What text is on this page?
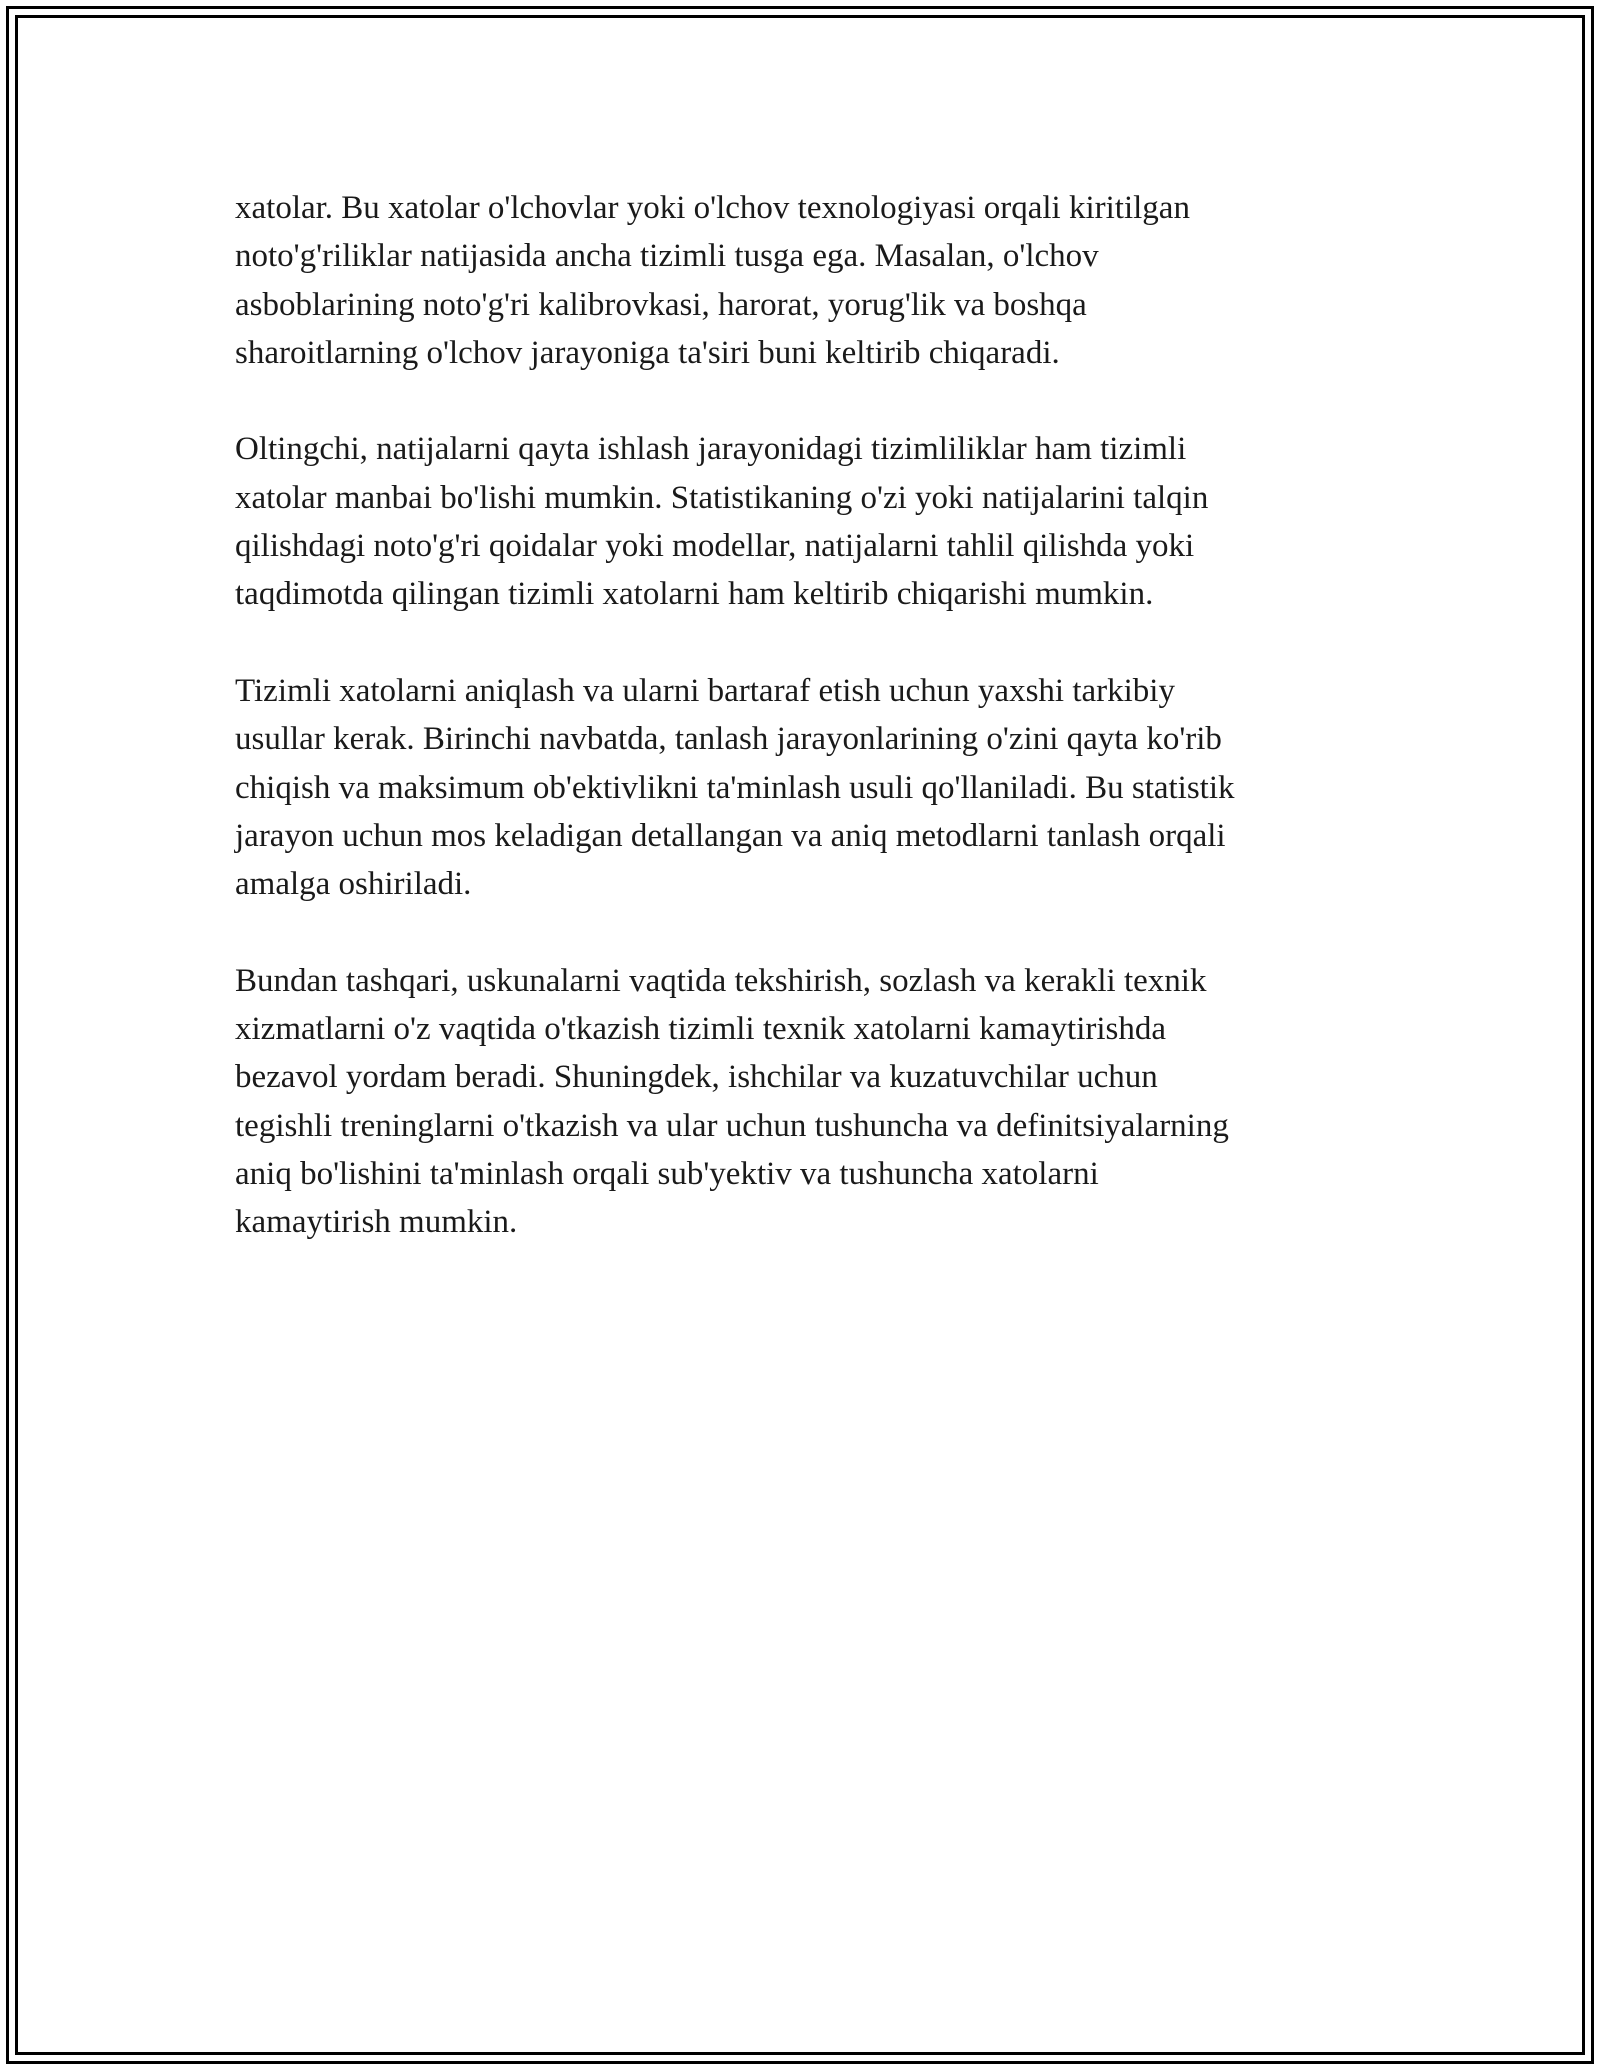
xatolar. Bu xatolar o'lchovlar yoki o'lchov texnologiyasi orqali kiritilgan
noto'g'riliklar natijasida ancha tizimli tusga ega. Masalan, o'lchov
asboblarining noto'g'ri kalibrovkasi, harorat, yorug'lik va boshqa
sharoitlarning o'lchov jarayoniga ta'siri buni keltirib chiqaradi.

Oltingchi, natijalarni qayta ishlash jarayonidagi tizimliliklar ham tizimli
xatolar manbai bo'lishi mumkin. Statistikaning o'zi yoki natijalarini talqin
qilishdagi noto'g'ri qoidalar yoki modellar, natijalarni tahlil qilishda yoki
taqdimotda qilingan tizimli xatolarni ham keltirib chiqarishi mumkin.

Tizimli xatolarni aniqlash va ularni bartaraf etish uchun yaxshi tarkibiy
usullar kerak. Birinchi navbatda, tanlash jarayonlarining o'zini qayta ko'rib
chiqish va maksimum ob'ektivlikni ta'minlash usuli qo'llaniladi. Bu statistik
jarayon uchun mos keladigan detallangan va aniq metodlarni tanlash orqali
amalga oshiriladi.

Bundan tashqari, uskunalarni vaqtida tekshirish, sozlash va kerakli texnik
xizmatlarni o'z vaqtida o'tkazish tizimli texnik xatolarni kamaytirishda
bezavol yordam beradi. Shuningdek, ishchilar va kuzatuvchilar uchun
tegishli treninglarni o'tkazish va ular uchun tushuncha va definitsiyalarning
aniq bo'lishini ta'minlash orqali sub'yektiv va tushuncha xatolarni
kamaytirish mumkin.
